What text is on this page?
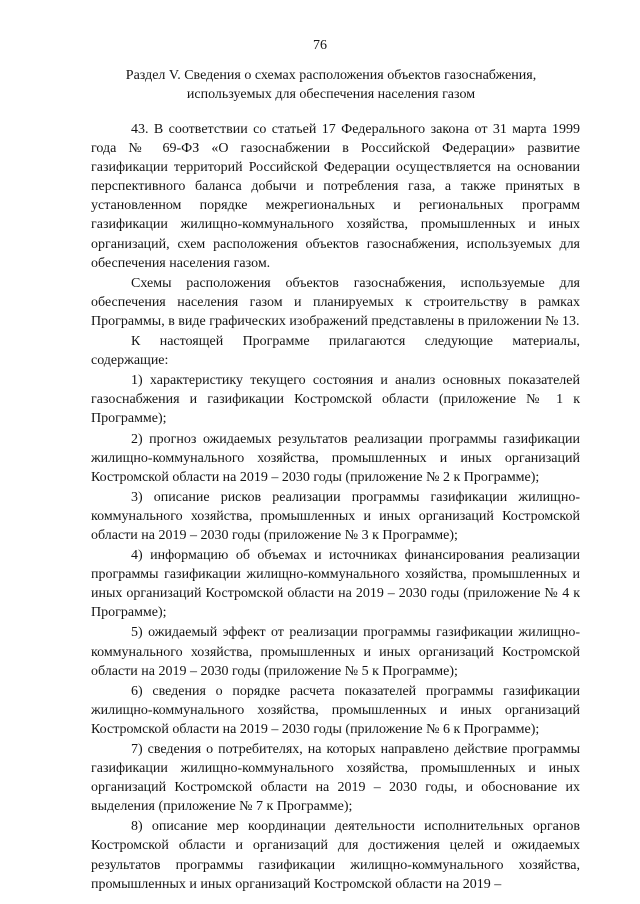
76
Раздел V. Сведения о схемах расположения объектов газоснабжения, используемых для обеспечения населения газом

43. В соответствии со статьей 17 Федерального закона от 31 марта 1999 года № 69-ФЗ «О газоснабжении в Российской Федерации» развитие газификации территорий Российской Федерации осуществляется на основании перспективного баланса добычи и потребления газа, а также принятых в установленном порядке межрегиональных и региональных программ газификации жилищно-коммунального хозяйства, промышленных и иных организаций, схем расположения объектов газоснабжения, используемых для обеспечения населения газом.

Схемы расположения объектов газоснабжения, используемые для обеспечения населения газом и планируемых к строительству в рамках Программы, в виде графических изображений представлены в приложении № 13.

К настоящей Программе прилагаются следующие материалы, содержащие:

1) характеристику текущего состояния и анализ основных показателей газоснабжения и газификации Костромской области (приложение № 1 к Программе);

2) прогноз ожидаемых результатов реализации программы газификации жилищно-коммунального хозяйства, промышленных и иных организаций Костромской области на 2019 – 2030 годы (приложение № 2 к Программе);

3) описание рисков реализации программы газификации жилищно-коммунального хозяйства, промышленных и иных организаций Костромской области на 2019 – 2030 годы (приложение № 3 к Программе);

4) информацию об объемах и источниках финансирования реализации программы газификации жилищно-коммунального хозяйства, промышленных и иных организаций Костромской области на 2019 – 2030 годы (приложение № 4 к Программе);

5) ожидаемый эффект от реализации программы газификации жилищно-коммунального хозяйства, промышленных и иных организаций Костромской области на 2019 – 2030 годы (приложение № 5 к Программе);

6) сведения о порядке расчета показателей программы газификации жилищно-коммунального хозяйства, промышленных и иных организаций Костромской области на 2019 – 2030 годы (приложение № 6 к Программе);

7) сведения о потребителях, на которых направлено действие программы газификации жилищно-коммунального хозяйства, промышленных и иных организаций Костромской области на 2019 – 2030 годы, и обоснование их выделения (приложение № 7 к Программе);

8) описание мер координации деятельности исполнительных органов Костромской области и организаций для достижения целей и ожидаемых результатов программы газификации жилищно-коммунального хозяйства, промышленных и иных организаций Костромской области на 2019 –
